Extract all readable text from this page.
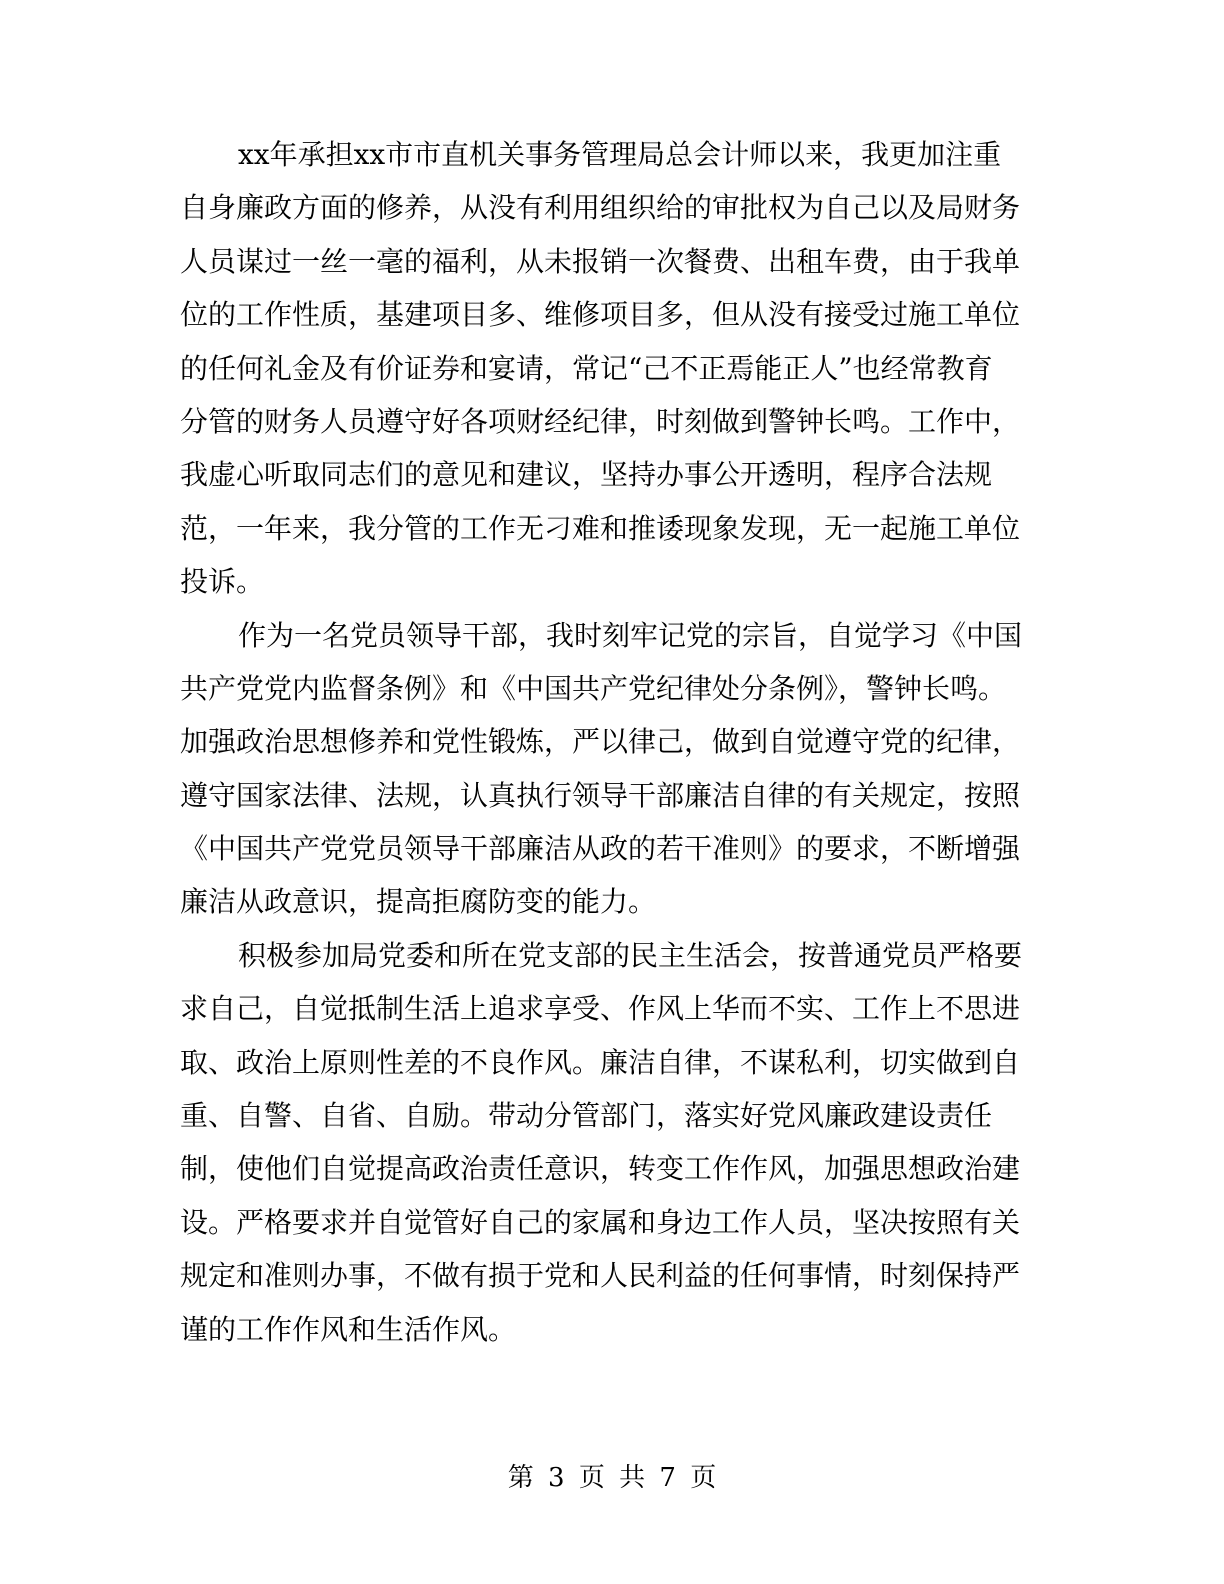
xx年承担xx市市直机关事务管理局总会计师以来，我更加注重
自身廉政方面的修养，从没有利用组织给的审批权为自己以及局财务
人员谋过一丝一毫的福利，从未报销一次餐费、出租车费，由于我单
位的工作性质，基建项目多、维修项目多，但从没有接受过施工单位
的任何礼金及有价证券和宴请，常记“己不正焉能正人”也经常教育
分管的财务人员遵守好各项财经纪律，时刻做到警钟长鸣。工作中，
我虚心听取同志们的意见和建议，坚持办事公开透明，程序合法规
范，一年来，我分管的工作无刁难和推诿现象发现，无一起施工单位
投诉。
作为一名党员领导干部，我时刻牢记党的宗旨，自觉学习《中国
共产党党内监督条例》和《中国共产党纪律处分条例》，警钟长鸣。
加强政治思想修养和党性锻炼，严以律己，做到自觉遵守党的纪律，
遵守国家法律、法规，认真执行领导干部廉洁自律的有关规定，按照
《中国共产党党员领导干部廉洁从政的若干准则》的要求，不断增强
廉洁从政意识，提高拒腐防变的能力。
积极参加局党委和所在党支部的民主生活会，按普通党员严格要
求自己，自觉抵制生活上追求享受、作风上华而不实、工作上不思进
取、政治上原则性差的不良作风。廉洁自律，不谋私利，切实做到自
重、自警、自省、自励。带动分管部门，落实好党风廉政建设责任
制，使他们自觉提高政治责任意识，转变工作作风，加强思想政治建
设。严格要求并自觉管好自己的家属和身边工作人员，坚决按照有关
规定和准则办事，不做有损于党和人民利益的任何事情，时刻保持严
谨的工作作风和生活作风。
第 3 页 共 7 页
